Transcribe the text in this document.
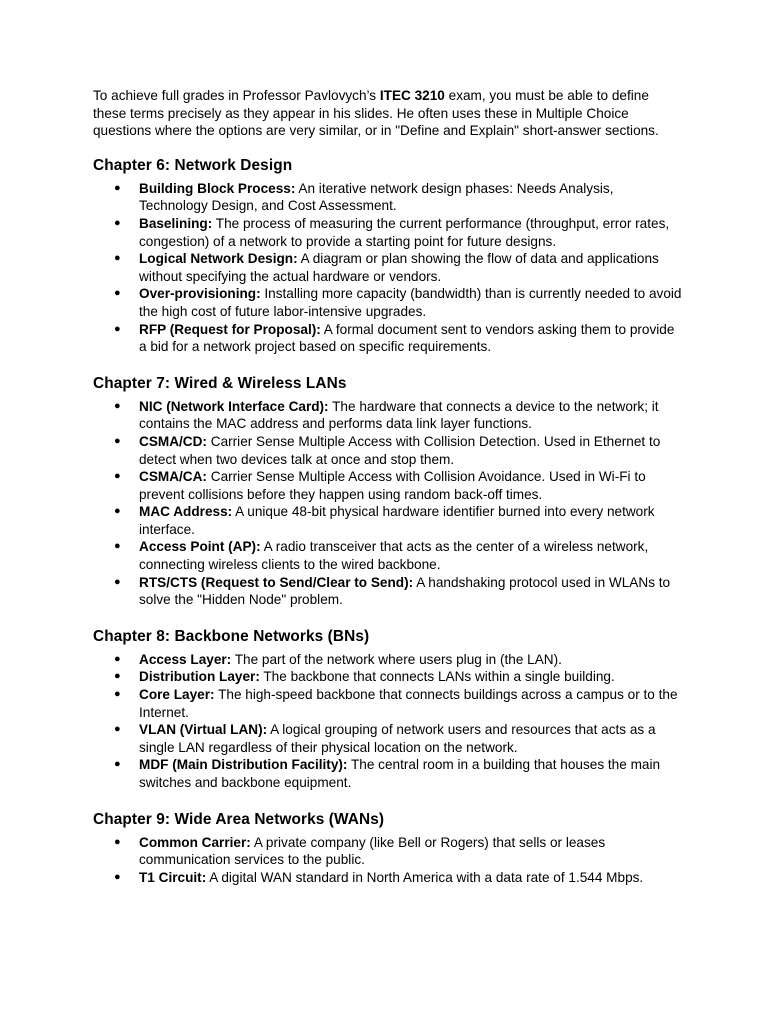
To achieve full grades in Professor Pavlovych’s ITEC 3210 exam, you must be able to define these terms precisely as they appear in his slides. He often uses these in Multiple Choice questions where the options are very similar, or in "Define and Explain" short-answer sections.

Chapter 6: Network Design
● Building Block Process: An iterative network design phases: Needs Analysis, Technology Design, and Cost Assessment.
● Baselining: The process of measuring the current performance (throughput, error rates, congestion) of a network to provide a starting point for future designs.
● Logical Network Design: A diagram or plan showing the flow of data and applications without specifying the actual hardware or vendors.
● Over-provisioning: Installing more capacity (bandwidth) than is currently needed to avoid the high cost of future labor-intensive upgrades.
● RFP (Request for Proposal): A formal document sent to vendors asking them to provide a bid for a network project based on specific requirements.
Chapter 7: Wired & Wireless LANs
● NIC (Network Interface Card): The hardware that connects a device to the network; it contains the MAC address and performs data link layer functions.
● CSMA/CD: Carrier Sense Multiple Access with Collision Detection. Used in Ethernet to detect when two devices talk at once and stop them.
● CSMA/CA: Carrier Sense Multiple Access with Collision Avoidance. Used in Wi-Fi to prevent collisions before they happen using random back-off times.
● MAC Address: A unique 48-bit physical hardware identifier burned into every network interface.
● Access Point (AP): A radio transceiver that acts as the center of a wireless network, connecting wireless clients to the wired backbone.
● RTS/CTS (Request to Send/Clear to Send): A handshaking protocol used in WLANs to solve the "Hidden Node" problem.
Chapter 8: Backbone Networks (BNs)
● Access Layer: The part of the network where users plug in (the LAN).
● Distribution Layer: The backbone that connects LANs within a single building.
● Core Layer: The high-speed backbone that connects buildings across a campus or to the Internet.
● VLAN (Virtual LAN): A logical grouping of network users and resources that acts as a single LAN regardless of their physical location on the network.
● MDF (Main Distribution Facility): The central room in a building that houses the main switches and backbone equipment.
Chapter 9: Wide Area Networks (WANs)
● Common Carrier: A private company (like Bell or Rogers) that sells or leases communication services to the public.
● T1 Circuit: A digital WAN standard in North America with a data rate of 1.544 Mbps.
